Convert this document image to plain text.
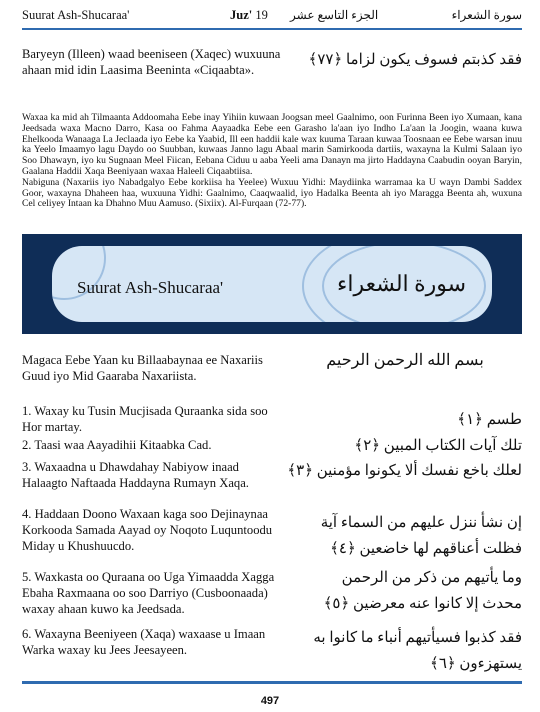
Suurat Ash-Shucaraa'	Juz' 19 الجزء التاسع عشر	سورة الشعراء
Baryeyn (Illeen) waad beeniseen (Xaqec) wuxuuna ahaan mid idin Laasima Beeninta «Ciqaabta».
فقد كذبتم فسوف يكون لزاما ﴿٧٧﴾
Waxaa ka mid ah Tilmaanta Addoomaha Eebe inay Yihiin kuwaan Joogsan meel Gaalnimo, oon Furinna Been iyo Xumaan, kana Jeedsada waxa Macno Darro, Kasa oo Fahma Aayaadka Eebe een Garasho la'aan iyo Indho La'aan la Joogin, waana kuwa Ehelkooda Wanaaga La Jeclaada iyo Eebe ka Yaabid, Ill een haddii kale wax kuuma Taraan kuwaa Toosnaan ee Eebe warsan inuu ka Yeelo Imaamyo lagu Daydo oo Suubban, kuwaas Janno lagu Abaal marin Samirkooda dartiis, waxayna la Kulmi Salaan iyo Soo Dhawayn, iyo ku Sugnaan Meel Fiican, Eebana Ciduu u aaba Yeeli ama Danayn ma jirto Haddayna Caabudin ooyan Baryin, Gaalana Haddii Xaqa Beeniyaan waxaa Haleeli Ciqaabtiisa.
Nabiguna (Naxariis iyo Nabadgalyo Eebe korkiisa ha Yeelee) Wuxuu Yidhi: Maydiinka warramaa ka U wayn Dambi Saddex Goor, waxayna Dhaheen haa, wuxuuna Yidhi: Gaalnimo, Caaqwaalid, iyo Hadalka Beenta ah iyo Maragga Beenta ah, wuxuna Cel celiyey Intaan ka Dhahno Muu Aamuso. (Sixiix). Al-Furqaan (72-77).
Suurat Ash-Shucaraa'	سورة الشعراء
Magaca Eebe Yaan ku Billaabaynaa ee Naxariis Guud iyo Mid Gaaraba Naxariista.
بسم الله الرحمن الرحيم
1. Waxay ku Tusin Mucjisada Quraanka sida soo Hor martay.
2. Taasi waa Aayadihii Kitaabka Cad.
3. Waxaadna u Dhawdahay Nabiyow inaad Halaagto Naftaada Haddayna Rumayn Xaqa.
4. Haddaan Doono Waxaan kaga soo Dejinaynaa Korkooda Samada Aayad oy Noqoto Luquntoodu Miday u Khushuucdo.
5. Waxkasta oo Quraana oo Uga Yimaadda Xagga Ebaha Raxmaana oo soo Darriyo (Cusboonaada) waxay ahaan kuwo ka Jeedsada.
6. Waxayna Beeniyeen (Xaqa) waxaase u Imaan Warka waxay ku Jees Jeesayeen.
طسم ﴿١﴾
تلك آيات الكتاب المبين ﴿٢﴾
لعلك باخع نفسك ألا يكونوا مؤمنين ﴿٣﴾
إن نشأ ننزل عليهم من السماء آية فظلت أعناقهم لها خاضعين ﴿٤﴾
وما يأتيهم من ذكر من الرحمن محدث إلا كانوا عنه معرضين ﴿٥﴾
فقد كذبوا فسيأتيهم أنباء ما كانوا به يستهزءون ﴿٦﴾
497
